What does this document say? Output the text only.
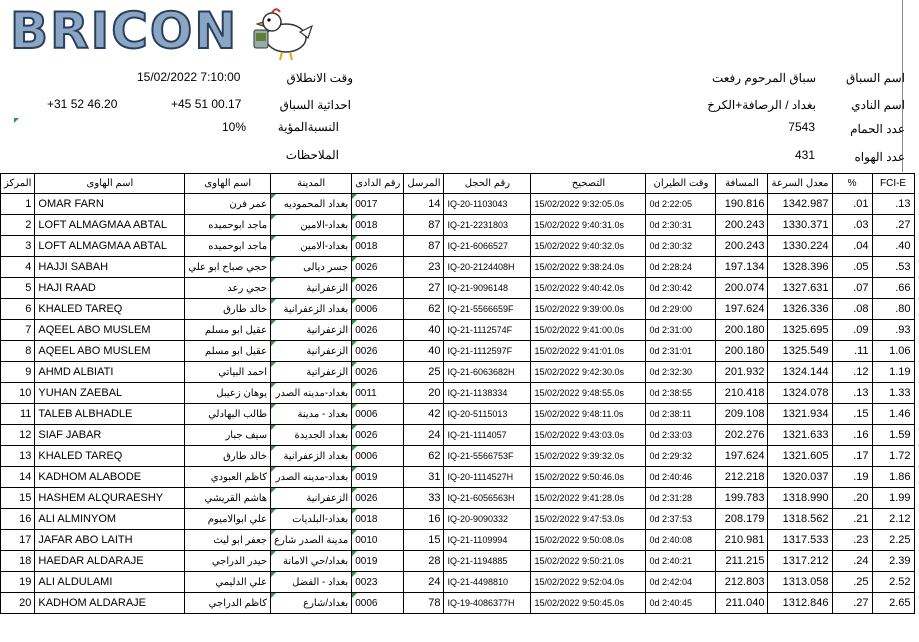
BRICON
اسم السباق
سباق المرحوم رفعت
اسم النادي
بغداد / الرصافة+الكرخ
عدد الحمام
7543
عدد الهواه
431
وقت الانطلاق
15/02/2022 7:10:00
احداثية السباق
+45 51 00.17
+31 52 46.20
النسبةالمؤية
10%
الملاحظات
المركز	اسم الهاوى	اسم الهاوى	المدينة	رقم الدادى	المرسل	رقم الحجل	التصحيح	وقت الطيران	المسافة	معدل السرعة	%	FCI-E
1	OMAR FARN	عمر فرن	بغداد المحموديه	0017	14	IQ-20-1103043	15/02/2022 9:32:05.0s	0d 2:22:05	190.816	1342.987	.01	.13
2	LOFT ALMAGMAA ABTAL	ماجد ابوحميده	بغداد-الامين	0018	87	IQ-21-2231803	15/02/2022 9:40:31.0s	0d 2:30:31	200.243	1330.371	.03	.27
3	LOFT ALMAGMAA ABTAL	ماجد ابوحميده	بغداد-الامين	0018	87	IQ-21-6066527	15/02/2022 9:40:32.0s	0d 2:30:32	200.243	1330.224	.04	.40
4	HAJJI SABAH	حجي صباح ابو علي	جسر ديالى	0026	23	IQ-20-2124408H	15/02/2022 9:38:24.0s	0d 2:28:24	197.134	1328.396	.05	.53
5	HAJI RAAD	حجي رعد	الزعفرانية	0026	27	IQ-21-9096148	15/02/2022 9:40:42.0s	0d 2:30:42	200.074	1327.631	.07	.66
6	KHALED TAREQ	خالد طارق	بغداد الزعفرانية	0006	62	IQ-21-5566659F	15/02/2022 9:39:00.0s	0d 2:29:00	197.624	1326.336	.08	.80
7	AQEEL ABO MUSLEM	عقيل ابو مسلم	الزعفرانية	0026	40	IQ-21-1112574F	15/02/2022 9:41:00.0s	0d 2:31:00	200.180	1325.695	.09	.93
8	AQEEL ABO MUSLEM	عقيل ابو مسلم	الزعفرانية	0026	40	IQ-21-1112597F	15/02/2022 9:41:01.0s	0d 2:31:01	200.180	1325.549	.11	1.06
9	AHMD ALBIATI	احمد البياتي	الزعفرانية	0026	25	IQ-21-6063682H	15/02/2022 9:42:30.0s	0d 2:32:30	201.932	1324.144	.12	1.19
10	YUHAN ZAEBAL	يوهان زعيبل	بغداد-مدينه الصدر	0011	20	IQ-21-1138334	15/02/2022 9:48:55.0s	0d 2:38:55	210.418	1324.078	.13	1.33
11	TALEB ALBHADLE	طالب البهادلي	بغداد - مدينة	0006	42	IQ-20-5115013	15/02/2022 9:48:11.0s	0d 2:38:11	209.108	1321.934	.15	1.46
12	SIAF JABAR	سيف جبار	بغداد الجديدة	0026	24	IQ-21-1114057	15/02/2022 9:43:03.0s	0d 2:33:03	202.276	1321.633	.16	1.59
13	KHALED TAREQ	خالد طارق	بغداد الزعفرانية	0006	62	IQ-21-5566753F	15/02/2022 9:39:32.0s	0d 2:29:32	197.624	1321.605	.17	1.72
14	KADHOM ALABODE	كاظم العبودي	بغداد-مدينه الصدر	0019	31	IQ-20-1114527H	15/02/2022 9:50:46.0s	0d 2:40:46	212.218	1320.037	.19	1.86
15	HASHEM ALQURAESHY	هاشم القريشي	الزعفرانية	0026	33	IQ-21-6056563H	15/02/2022 9:41:28.0s	0d 2:31:28	199.783	1318.990	.20	1.99
16	ALI ALMINYOM	علي ابوالاميوم	بغداد-البلديات	0018	16	IQ-20-9090332	15/02/2022 9:47:53.0s	0d 2:37:53	208.179	1318.562	.21	2.12
17	JAFAR ABO LAITH	جعفر ابو ليث	مدينة الصدر شارع	0010	15	IQ-21-1109994	15/02/2022 9:50:08.0s	0d 2:40:08	210.981	1317.533	.23	2.25
18	HAEDAR ALDARAJE	حيدر الدراجي	بغداد/حي الامانة	0019	28	IQ-21-1194885	15/02/2022 9:50:21.0s	0d 2:40:21	211.215	1317.212	.24	2.39
19	ALI ALDULAMI	علي الدليمي	بغداد - الفضل	0023	24	IQ-21-4498810	15/02/2022 9:52:04.0s	0d 2:42:04	212.803	1313.058	.25	2.52
20	KADHOM ALDARAJE	كاظم الدراجي	بغداد/شارع	0006	78	IQ-19-4086377H	15/02/2022 9:50:45.0s	0d 2:40:45	211.040	1312.846	.27	2.65
